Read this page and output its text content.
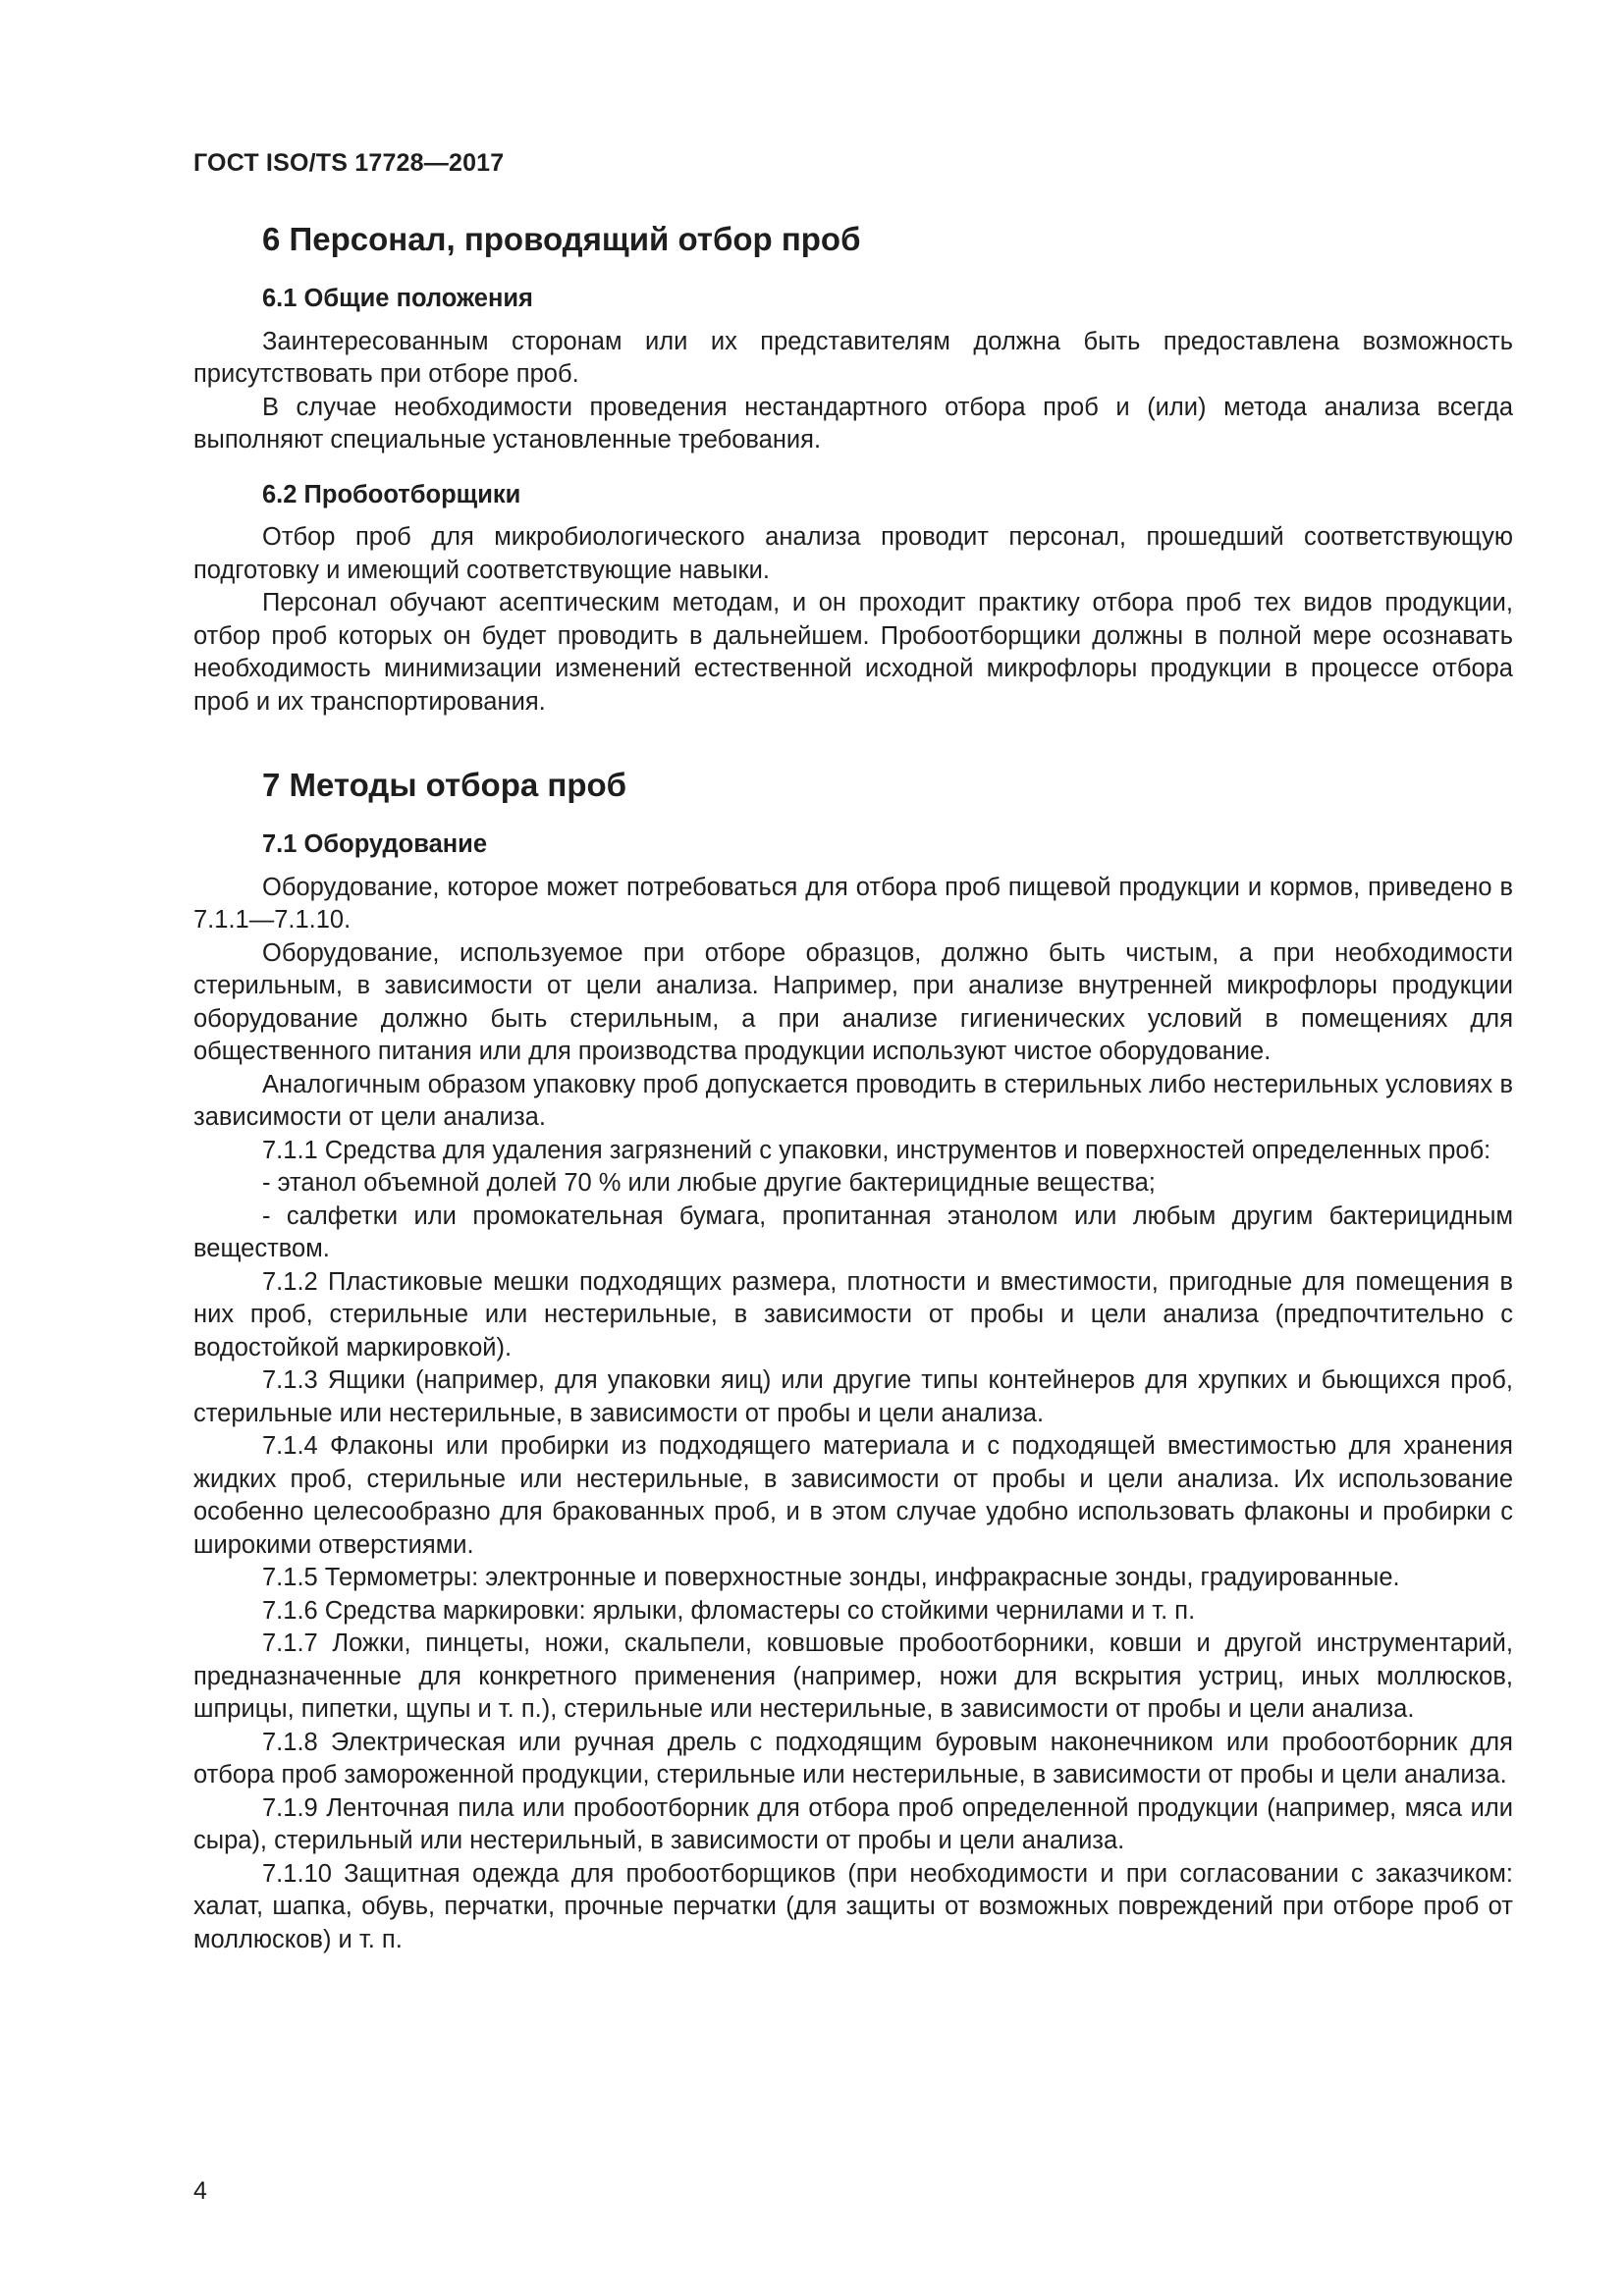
ГОСТ ISO/TS 17728—2017
6 Персонал, проводящий отбор проб
6.1 Общие положения

Заинтересованным сторонам или их представителям должна быть предоставлена возможность присутствовать при отборе проб.

В случае необходимости проведения нестандартного отбора проб и (или) метода анализа всегда выполняют специальные установленные требования.

6.2 Пробоотборщики

Отбор проб для микробиологического анализа проводит персонал, прошедший соответствующую подготовку и имеющий соответствующие навыки.

Персонал обучают асептическим методам, и он проходит практику отбора проб тех видов продукции, отбор проб которых он будет проводить в дальнейшем. Пробоотборщики должны в полной мере осознавать необходимость минимизации изменений естественной исходной микрофлоры продукции в процессе отбора проб и их транспортирования.

7 Методы отбора проб
7.1 Оборудование

Оборудование, которое может потребоваться для отбора проб пищевой продукции и кормов, приведено в 7.1.1—7.1.10.

Оборудование, используемое при отборе образцов, должно быть чистым, а при необходимости стерильным, в зависимости от цели анализа. Например, при анализе внутренней микрофлоры продукции оборудование должно быть стерильным, а при анализе гигиенических условий в помещениях для общественного питания или для производства продукции используют чистое оборудование.

Аналогичным образом упаковку проб допускается проводить в стерильных либо нестерильных условиях в зависимости от цели анализа.

7.1.1 Средства для удаления загрязнений с упаковки, инструментов и поверхностей определенных проб:

- этанол объемной долей 70 % или любые другие бактерицидные вещества;

- салфетки или промокательная бумага, пропитанная этанолом или любым другим бактерицидным веществом.

7.1.2 Пластиковые мешки подходящих размера, плотности и вместимости, пригодные для помещения в них проб, стерильные или нестерильные, в зависимости от пробы и цели анализа (предпочтительно с водостойкой маркировкой).

7.1.3 Ящики (например, для упаковки яиц) или другие типы контейнеров для хрупких и бьющихся проб, стерильные или нестерильные, в зависимости от пробы и цели анализа.

7.1.4 Флаконы или пробирки из подходящего материала и с подходящей вместимостью для хранения жидких проб, стерильные или нестерильные, в зависимости от пробы и цели анализа. Их использование особенно целесообразно для бракованных проб, и в этом случае удобно использовать флаконы и пробирки с широкими отверстиями.

7.1.5 Термометры: электронные и поверхностные зонды, инфракрасные зонды, градуированные.

7.1.6 Средства маркировки: ярлыки, фломастеры со стойкими чернилами и т. п.

7.1.7 Ложки, пинцеты, ножи, скальпели, ковшовые пробоотборники, ковши и другой инструментарий, предназначенные для конкретного применения (например, ножи для вскрытия устриц, иных моллюсков, шприцы, пипетки, щупы и т. п.), стерильные или нестерильные, в зависимости от пробы и цели анализа.

7.1.8 Электрическая или ручная дрель с подходящим буровым наконечником или пробоотборник для отбора проб замороженной продукции, стерильные или нестерильные, в зависимости от пробы и цели анализа.

7.1.9 Ленточная пила или пробоотборник для отбора проб определенной продукции (например, мяса или сыра), стерильный или нестерильный, в зависимости от пробы и цели анализа.

7.1.10 Защитная одежда для пробоотборщиков (при необходимости и при согласовании с заказчиком: халат, шапка, обувь, перчатки, прочные перчатки (для защиты от возможных повреждений при отборе проб от моллюсков) и т. п.

4
